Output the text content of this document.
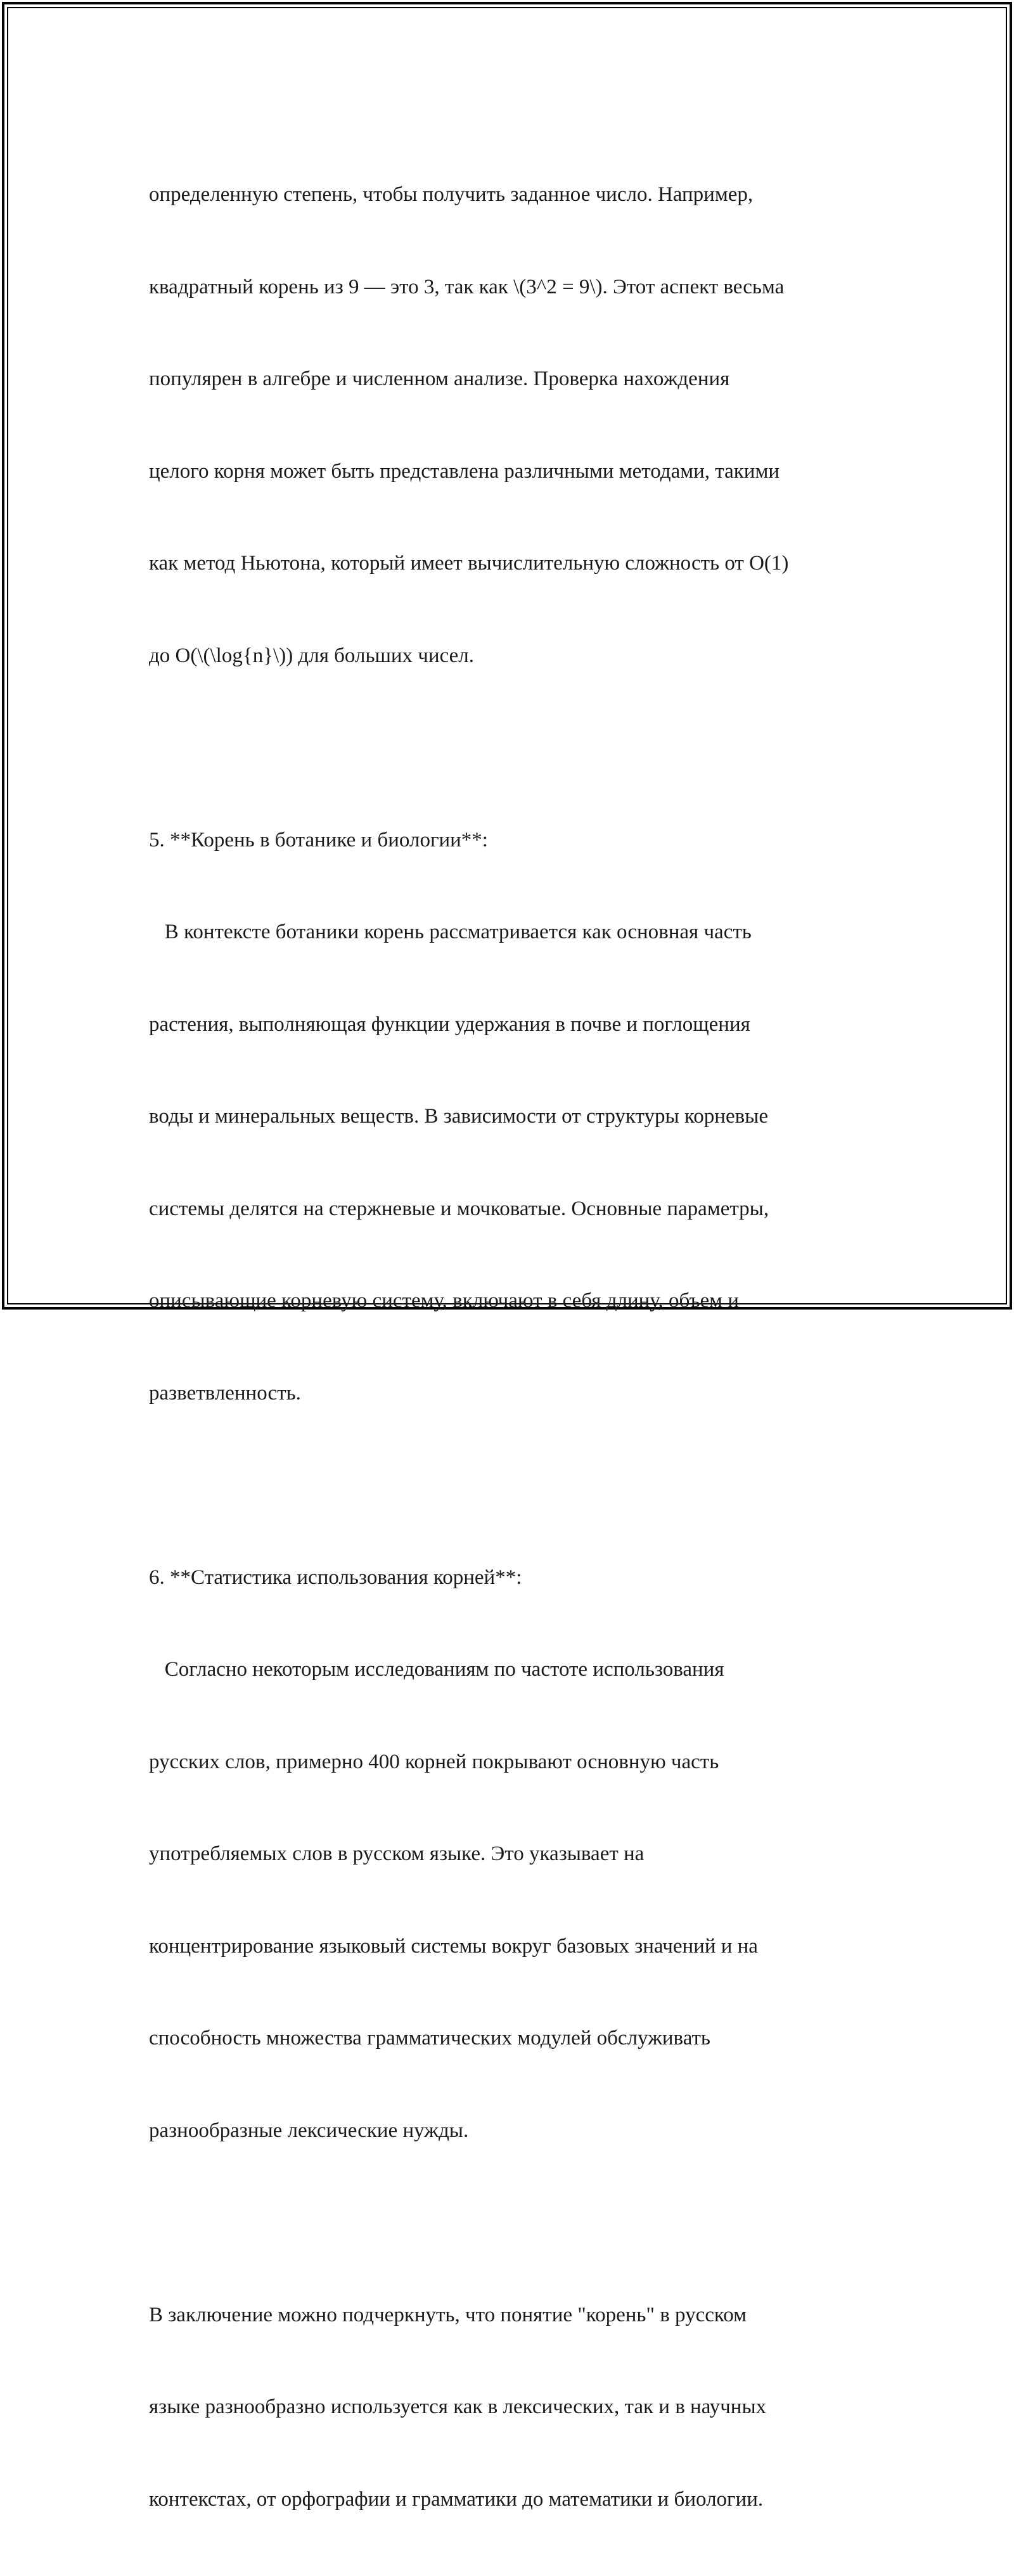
определенную степень, чтобы получить заданное число. Например,

квадратный корень из 9 — это 3, так как \(3^2 = 9\). Этот аспект весьма

популярен в алгебре и численном анализе. Проверка нахождения

целого корня может быть представлена различными методами, такими

как метод Ньютона, который имеет вычислительную сложность от O(1)

до O(\(\log{n}\)) для больших чисел.

5. **Корень в ботанике и биологии**:

В контексте ботаники корень рассматривается как основная часть

растения, выполняющая функции удержания в почве и поглощения

воды и минеральных веществ. В зависимости от структуры корневые

системы делятся на стержневые и мочковатые. Основные параметры,

описывающие корневую систему, включают в себя длину, объем и

разветвленность.

6. **Статистика использования корней**:

Согласно некоторым исследованиям по частоте использования

русских слов, примерно 400 корней покрывают основную часть

употребляемых слов в русском языке. Это указывает на

концентрирование языковый системы вокруг базовых значений и на

способность множества грамматических модулей обслуживать

разнообразные лексические нужды.

В заключение можно подчеркнуть, что понятие "корень" в русском

языке разнообразно используется как в лексических, так и в научных

контекстах, от орфографии и грамматики до математики и биологии.
